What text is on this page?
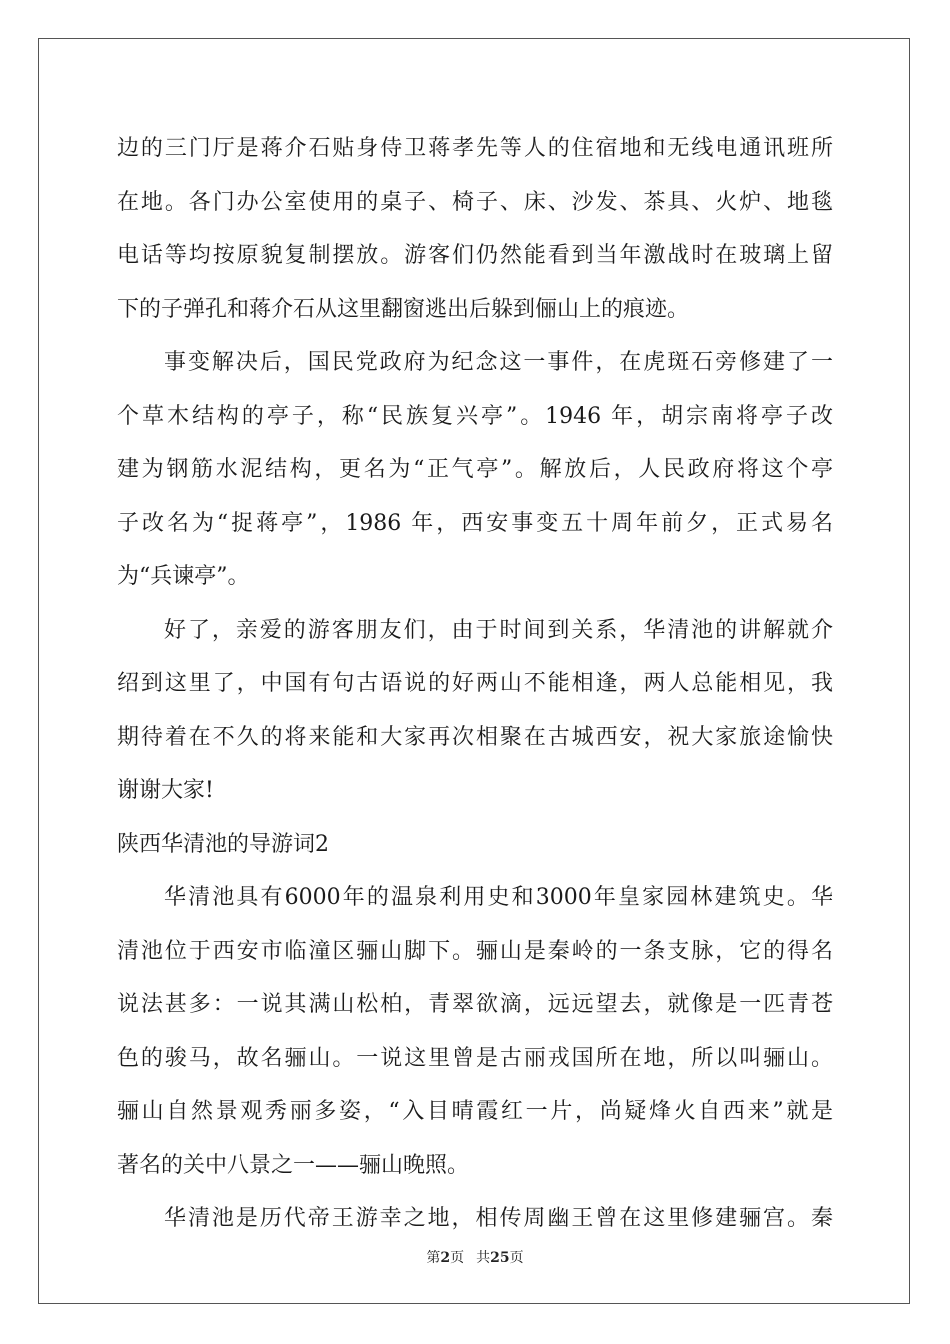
边的三门厅是蒋介石贴身侍卫蒋孝先等人的住宿地和无线电通讯班所
在地。各门办公室使用的桌子、椅子、床、沙发、茶具、火炉、地毯
电话等均按原貌复制摆放。游客们仍然能看到当年激战时在玻璃上留
下的子弹孔和蒋介石从这里翻窗逃出后躲到俪山上的痕迹。
事变解决后，国民党政府为纪念这一事件，在虎斑石旁修建了一
个草木结构的亭子，称“民族复兴亭”。1946 年，胡宗南将亭子改
建为钢筋水泥结构，更名为“正气亭”。解放后，人民政府将这个亭
子改名为“捉蒋亭”，1986 年，西安事变五十周年前夕，正式易名
为“兵谏亭”。
好了，亲爱的游客朋友们，由于时间到关系，华清池的讲解就介
绍到这里了，中国有句古语说的好两山不能相逢，两人总能相见，我
期待着在不久的将来能和大家再次相聚在古城西安，祝大家旅途愉快
谢谢大家!
陕西华清池的导游词2
华清池具有6000年的温泉利用史和3000年皇家园林建筑史。华
清池位于西安市临潼区骊山脚下。骊山是秦岭的一条支脉，它的得名
说法甚多：一说其满山松柏，青翠欲滴，远远望去，就像是一匹青苍
色的骏马，故名骊山。一说这里曾是古丽戎国所在地，所以叫骊山。
骊山自然景观秀丽多姿，“入目晴霞红一片，尚疑烽火自西来”就是
著名的关中八景之一——骊山晚照。
华清池是历代帝王游幸之地，相传周幽王曾在这里修建骊宫。秦
第2页 共25页
